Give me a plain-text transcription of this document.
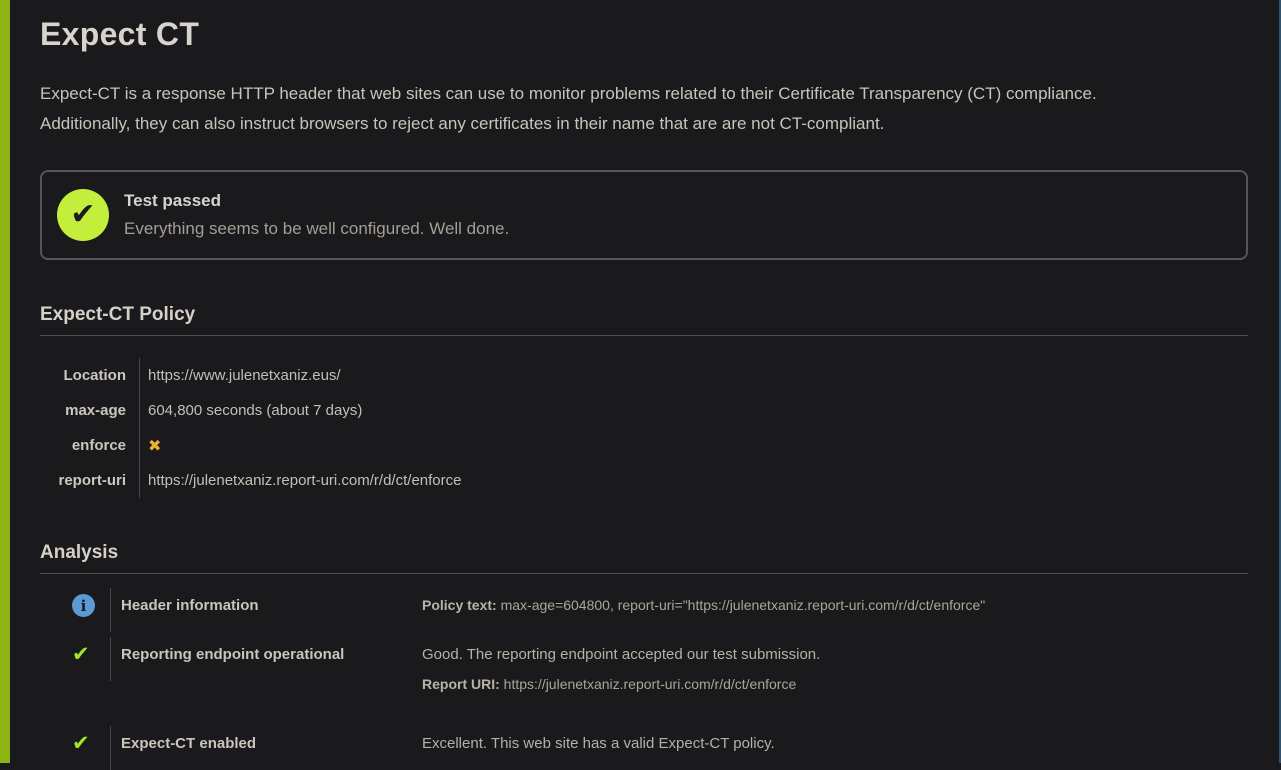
Expect CT

Expect-CT is a response HTTP header that web sites can use to monitor problems related to their Certificate Transparency (CT) compliance. Additionally, they can also instruct browsers to reject any certificates in their name that are are not CT-compliant.

✔ Test passed
Everything seems to be well configured. Well done.
Expect-CT Policy
Location	https://www.julenetxaniz.eus/
max-age	604,800 seconds (about 7 days)
enforce	✖
report-uri	https://julenetxaniz.report-uri.com/r/d/ct/enforce
Analysis
i	Header information	Policy text: max-age=604800, report-uri="https://julenetxaniz.report-uri.com/r/d/ct/enforce"
✔	Reporting endpoint operational	Good. The reporting endpoint accepted our test submission.
Report URI: https://julenetxaniz.report-uri.com/r/d/ct/enforce
✔	Expect-CT enabled	Excellent. This web site has a valid Expect-CT policy.
